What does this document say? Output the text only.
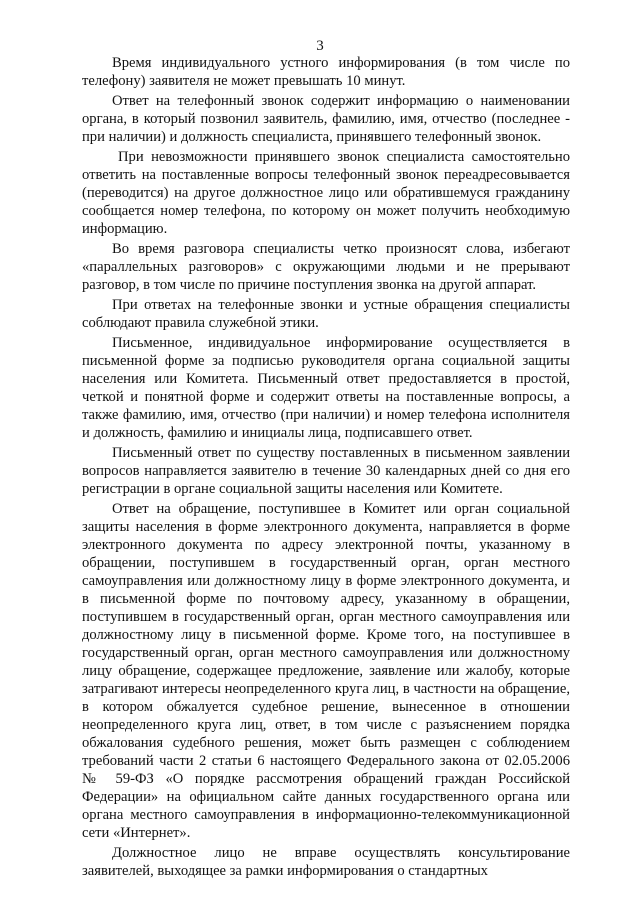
3

Время индивидуального устного информирования (в том числе по телефону) заявителя не может превышать 10 минут.

Ответ на телефонный звонок содержит информацию о наименовании органа, в который позвонил заявитель, фамилию, имя, отчество (последнее - при наличии) и должность специалиста, принявшего телефонный звонок.

При невозможности принявшего звонок специалиста самостоятельно ответить на поставленные вопросы телефонный звонок переадресовывается (переводится) на другое должностное лицо или обратившемуся гражданину сообщается номер телефона, по которому он может получить необходимую информацию.

Во время разговора специалисты четко произносят слова, избегают «параллельных разговоров» с окружающими людьми и не прерывают разговор, в том числе по причине поступления звонка на другой аппарат.

При ответах на телефонные звонки и устные обращения специалисты соблюдают правила служебной этики.

Письменное, индивидуальное информирование осуществляется в письменной форме за подписью руководителя органа социальной защиты населения или Комитета. Письменный ответ предоставляется в простой, четкой и понятной форме и содержит ответы на поставленные вопросы, а также фамилию, имя, отчество (при наличии) и номер телефона исполнителя и должность, фамилию и инициалы лица, подписавшего ответ.

Письменный ответ по существу поставленных в письменном заявлении вопросов направляется заявителю в течение 30 календарных дней со дня его регистрации в органе социальной защиты населения или Комитете.

Ответ на обращение, поступившее в Комитет или орган социальной защиты населения в форме электронного документа, направляется в форме электронного документа по адресу электронной почты, указанному в обращении, поступившем в государственный орган, орган местного самоуправления или должностному лицу в форме электронного документа, и в письменной форме по почтовому адресу, указанному в обращении, поступившем в государственный орган, орган местного самоуправления или должностному лицу в письменной форме. Кроме того, на поступившее в государственный орган, орган местного самоуправления или должностному лицу обращение, содержащее предложение, заявление или жалобу, которые затрагивают интересы неопределенного круга лиц, в частности на обращение, в котором обжалуется судебное решение, вынесенное в отношении неопределенного круга лиц, ответ, в том числе с разъяснением порядка обжалования судебного решения, может быть размещен с соблюдением требований части 2 статьи 6 настоящего Федерального закона от 02.05.2006 № 59-ФЗ «О порядке рассмотрения обращений граждан Российской Федерации» на официальном сайте данных государственного органа или органа местного самоуправления в информационно-телекоммуникационной сети «Интернет».

Должностное лицо не вправе осуществлять консультирование заявителей, выходящее за рамки информирования о стандартных
